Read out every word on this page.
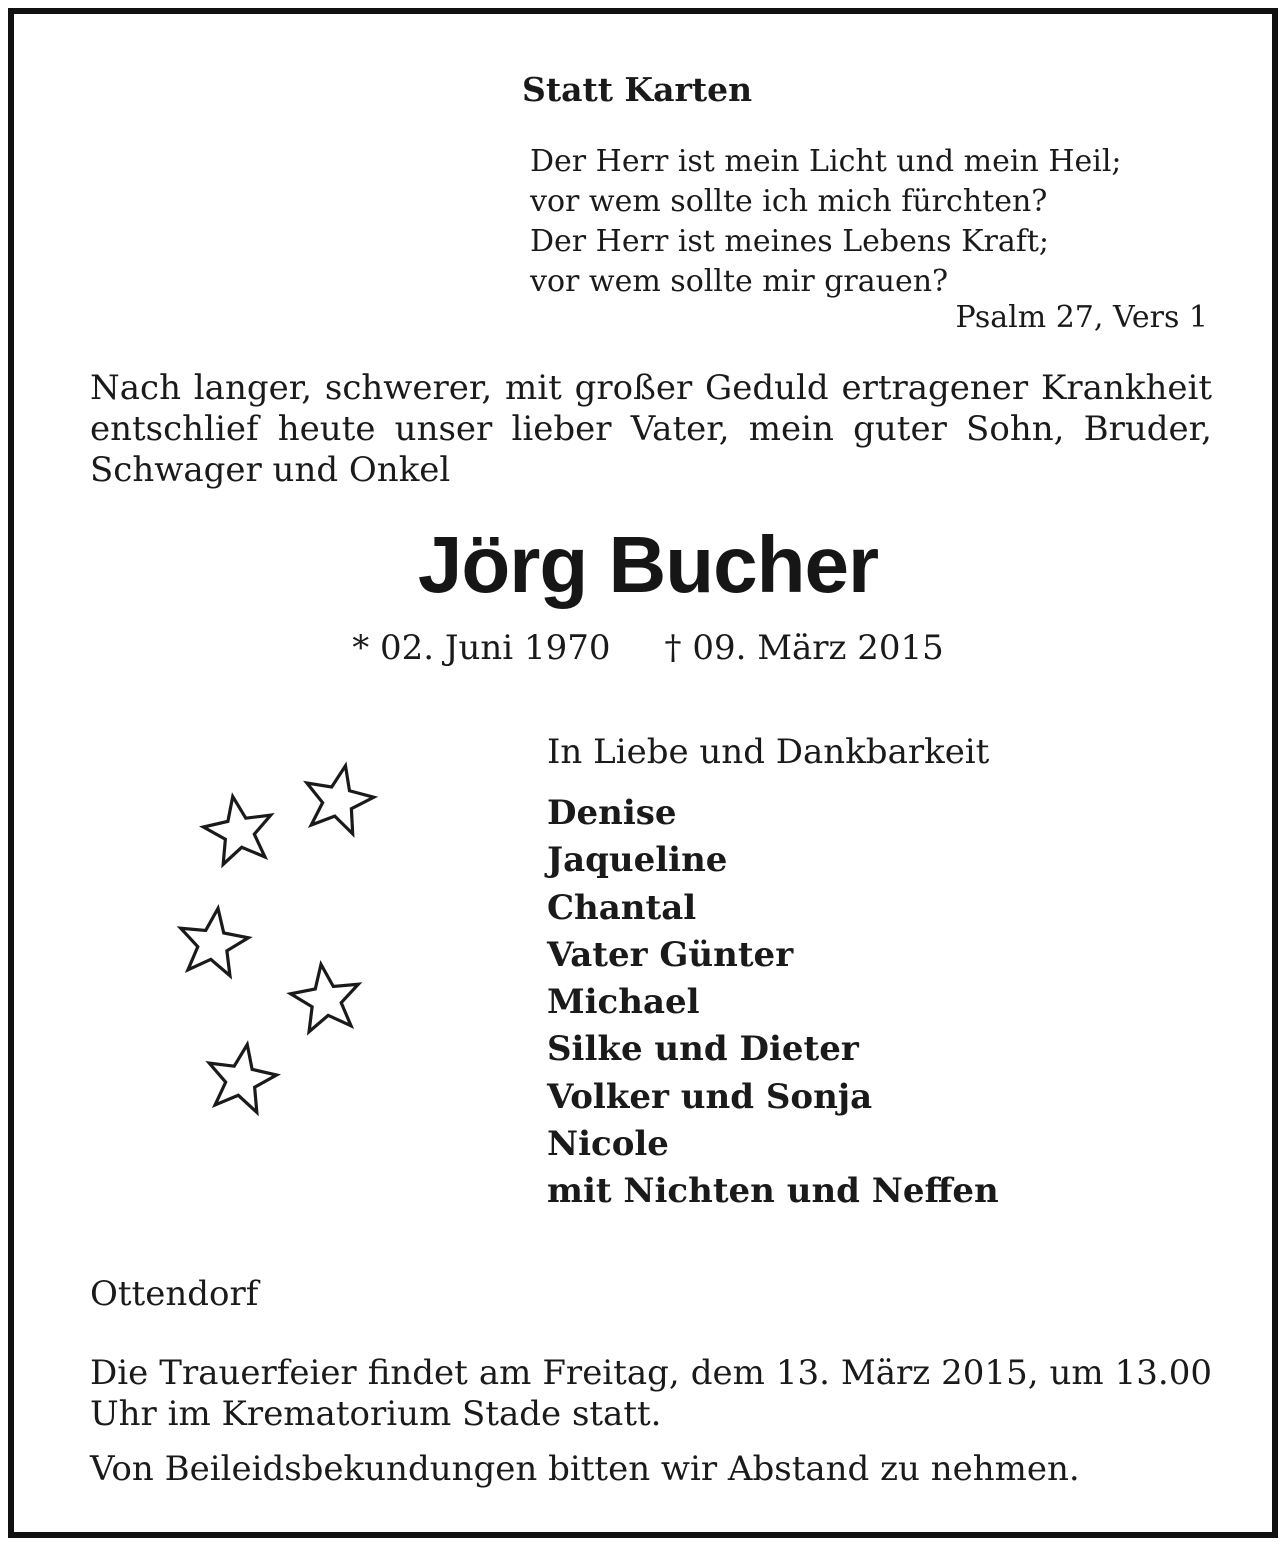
Statt Karten

Der Herr ist mein Licht und mein Heil;
vor wem sollte ich mich fürchten?
Der Herr ist meines Lebens Kraft;
vor wem sollte mir grauen?

Psalm 27, Vers 1

Nach langer, schwerer, mit großer Geduld ertragener Krankheit entschlief heute unser lieber Vater, mein guter Sohn, Bruder, Schwager und Onkel

Jörg Bucher

* 02. Juni 1970 † 09. März 2015

In Liebe und Dankbarkeit

Denise
Jaqueline
Chantal
Vater Günter
Michael
Silke und Dieter
Volker und Sonja
Nicole
mit Nichten und Neffen

Ottendorf

Die Trauerfeier findet am Freitag, dem 13. März 2015, um 13.00 Uhr im Krematorium Stade statt.

Von Beileidsbekundungen bitten wir Abstand zu nehmen.
